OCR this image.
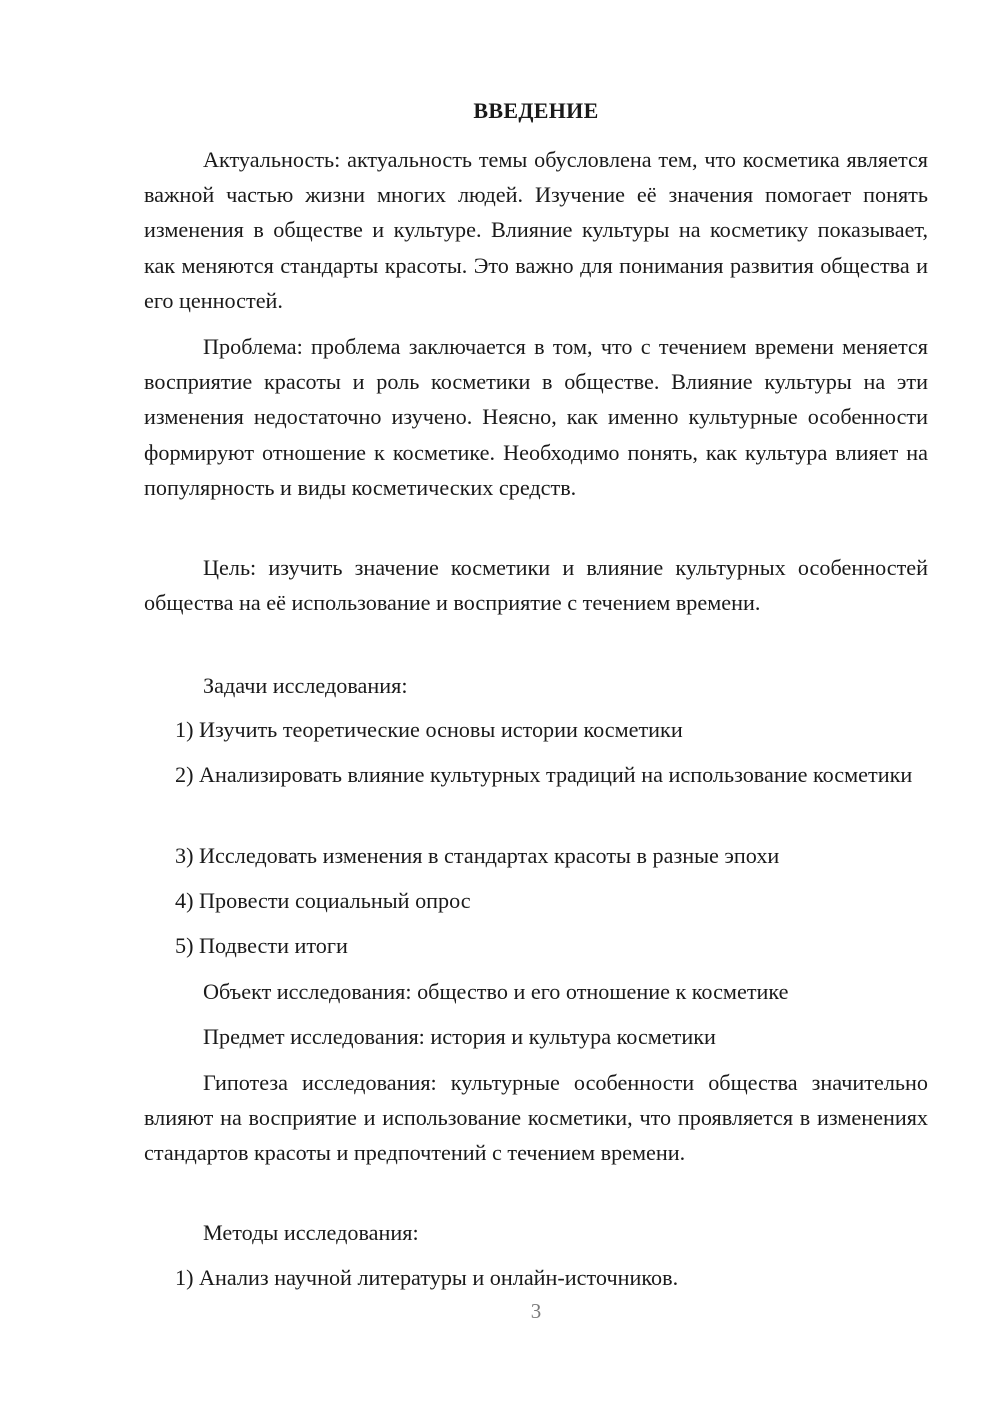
ВВЕДЕНИЕ

Актуальность: актуальность темы обусловлена тем, что косметика является важной частью жизни многих людей. Изучение её значения помогает понять изменения в обществе и культуре. Влияние культуры на косметику показывает, как меняются стандарты красоты. Это важно для понимания развития общества и его ценностей.

Проблема: проблема заключается в том, что с течением времени меняется восприятие красоты и роль косметики в обществе. Влияние культуры на эти изменения недостаточно изучено. Неясно, как именно культурные особенности формируют отношение к косметике. Необходимо понять, как культура влияет на популярность и виды косметических средств.

Цель: изучить значение косметики и влияние культурных особенностей общества на её использование и восприятие с течением времени.

Задачи исследования:

1) Изучить теоретические основы истории косметики

2) Анализировать влияние культурных традиций на использование косметики

3) Исследовать изменения в стандартах красоты в разные эпохи

4) Провести социальный опрос

5) Подвести итоги

Объект исследования: общество и его отношение к косметике

Предмет исследования: история и культура косметики

Гипотеза исследования: культурные особенности общества значительно влияют на восприятие и использование косметики, что проявляется в изменениях стандартов красоты и предпочтений с течением времени.

Методы исследования:

1) Анализ научной литературы и онлайн-источников.

3
